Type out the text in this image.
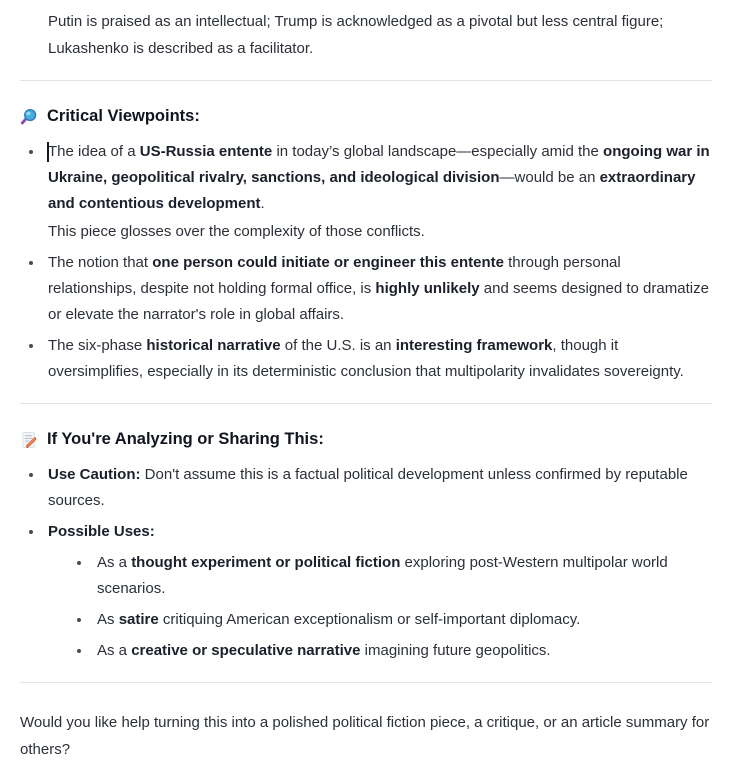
Putin is praised as an intellectual; Trump is acknowledged as a pivotal but less central figure; Lukashenko is described as a facilitator.

Critical Viewpoints:
The idea of a US-Russia entente in today’s global landscape—especially amid the ongoing war in Ukraine, geopolitical rivalry, sanctions, and ideological division—would be an extraordinary and contentious development.
This piece glosses over the complexity of those conflicts.
The notion that one person could initiate or engineer this entente through personal relationships, despite not holding formal office, is highly unlikely and seems designed to dramatize or elevate the narrator's role in global affairs.
The six-phase historical narrative of the U.S. is an interesting framework, though it oversimplifies, especially in its deterministic conclusion that multipolarity invalidates sovereignty.
If You're Analyzing or Sharing This:
Use Caution: Don't assume this is a factual political development unless confirmed by reputable sources.
Possible Uses:
As a thought experiment or political fiction exploring post-Western multipolar world scenarios.
As satire critiquing American exceptionalism or self-important diplomacy.
As a creative or speculative narrative imagining future geopolitics.

Would you like help turning this into a polished political fiction piece, a critique, or an article summary for others?
